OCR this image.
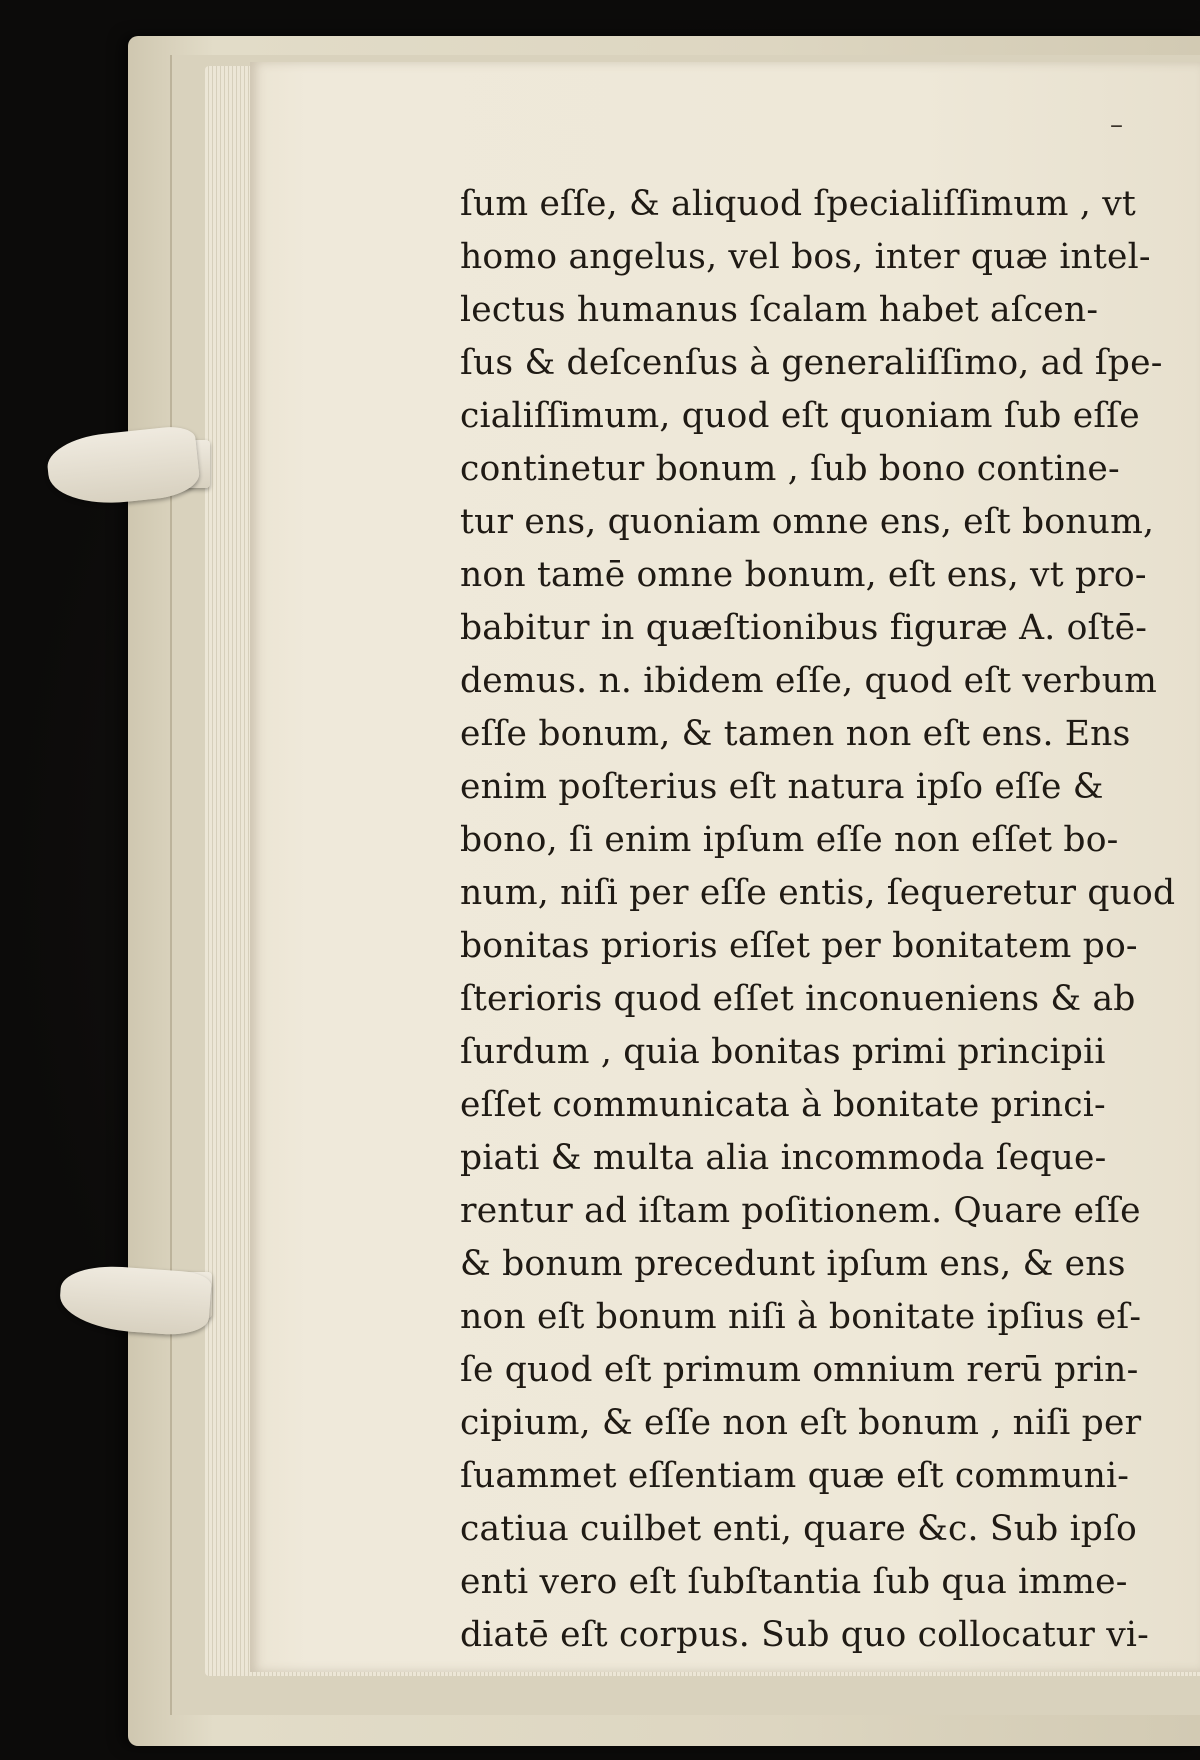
–
ſum eſſe, & aliquod ſpecialiſſimum , vt
homo angelus, vel bos, inter quæ intel-
lectus humanus ſcalam habet aſcen-
ſus & deſcenſus à generaliſſimo, ad ſpe-
cialiſſimum, quod eſt quoniam ſub eſſe
continetur bonum , ſub bono contine-
tur ens, quoniam omne ens, eſt bonum,
non tamē omne bonum, eſt ens, vt pro-
babitur in quæſtionibus figuræ A. oſtē-
demus. n. ibidem eſſe, quod eſt verbum
eſſe bonum, & tamen non eſt ens. Ens
enim poſterius eſt natura ipſo eſſe &
bono, ſi enim ipſum eſſe non eſſet bo-
num, niſi per eſſe entis, ſequeretur quod
bonitas prioris eſſet per bonitatem po-
ſterioris quod eſſet inconueniens & ab
ſurdum , quia bonitas primi principii
eſſet communicata à bonitate princi-
piati & multa alia incommoda ſeque-
rentur ad iſtam poſitionem. Quare eſſe
& bonum precedunt ipſum ens, & ens
non eſt bonum niſi à bonitate ipſius eſ-
ſe quod eſt primum omnium rerū prin-
cipium, & eſſe non eſt bonum , niſi per
ſuammet eſſentiam quæ eſt communi-
catiua cuilbet enti, quare &c. Sub ipſo
enti vero eſt ſubſtantia ſub qua imme-
diatē eſt corpus. Sub quo collocatur vi-
